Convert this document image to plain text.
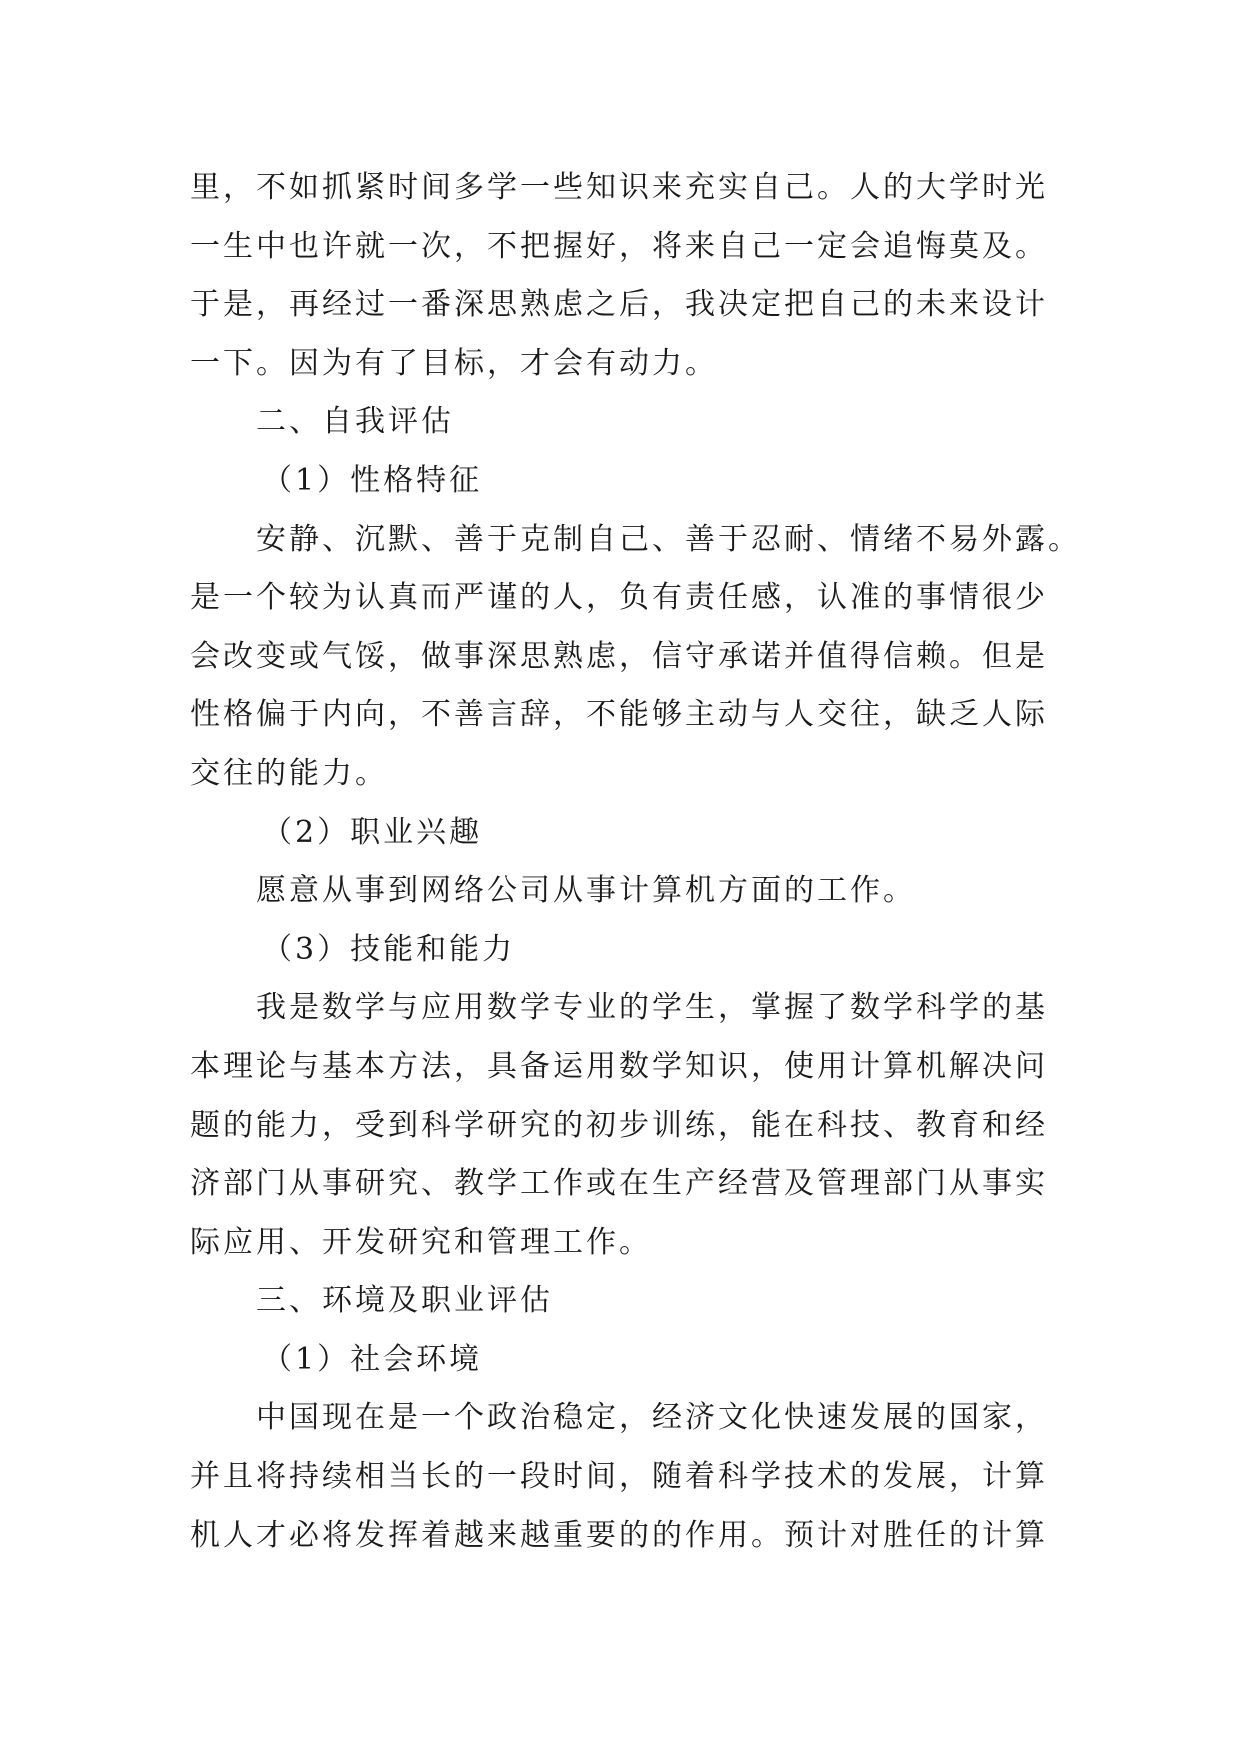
里，不如抓紧时间多学一些知识来充实自己。人的大学时光
一生中也许就一次，不把握好，将来自己一定会追悔莫及。
于是，再经过一番深思熟虑之后，我决定把自己的未来设计
一下。因为有了目标，才会有动力。
二、自我评估
（1）性格特征
安静、沉默、善于克制自己、善于忍耐、情绪不易外露。
是一个较为认真而严谨的人，负有责任感，认准的事情很少
会改变或气馁，做事深思熟虑，信守承诺并值得信赖。但是
性格偏于内向，不善言辞，不能够主动与人交往，缺乏人际
交往的能力。
（2）职业兴趣
愿意从事到网络公司从事计算机方面的工作。
（3）技能和能力
我是数学与应用数学专业的学生，掌握了数学科学的基
本理论与基本方法，具备运用数学知识，使用计算机解决问
题的能力，受到科学研究的初步训练，能在科技、教育和经
济部门从事研究、教学工作或在生产经营及管理部门从事实
际应用、开发研究和管理工作。
三、环境及职业评估
（1）社会环境
中国现在是一个政治稳定，经济文化快速发展的国家，
并且将持续相当长的一段时间，随着科学技术的发展，计算
机人才必将发挥着越来越重要的的作用。预计对胜任的计算
